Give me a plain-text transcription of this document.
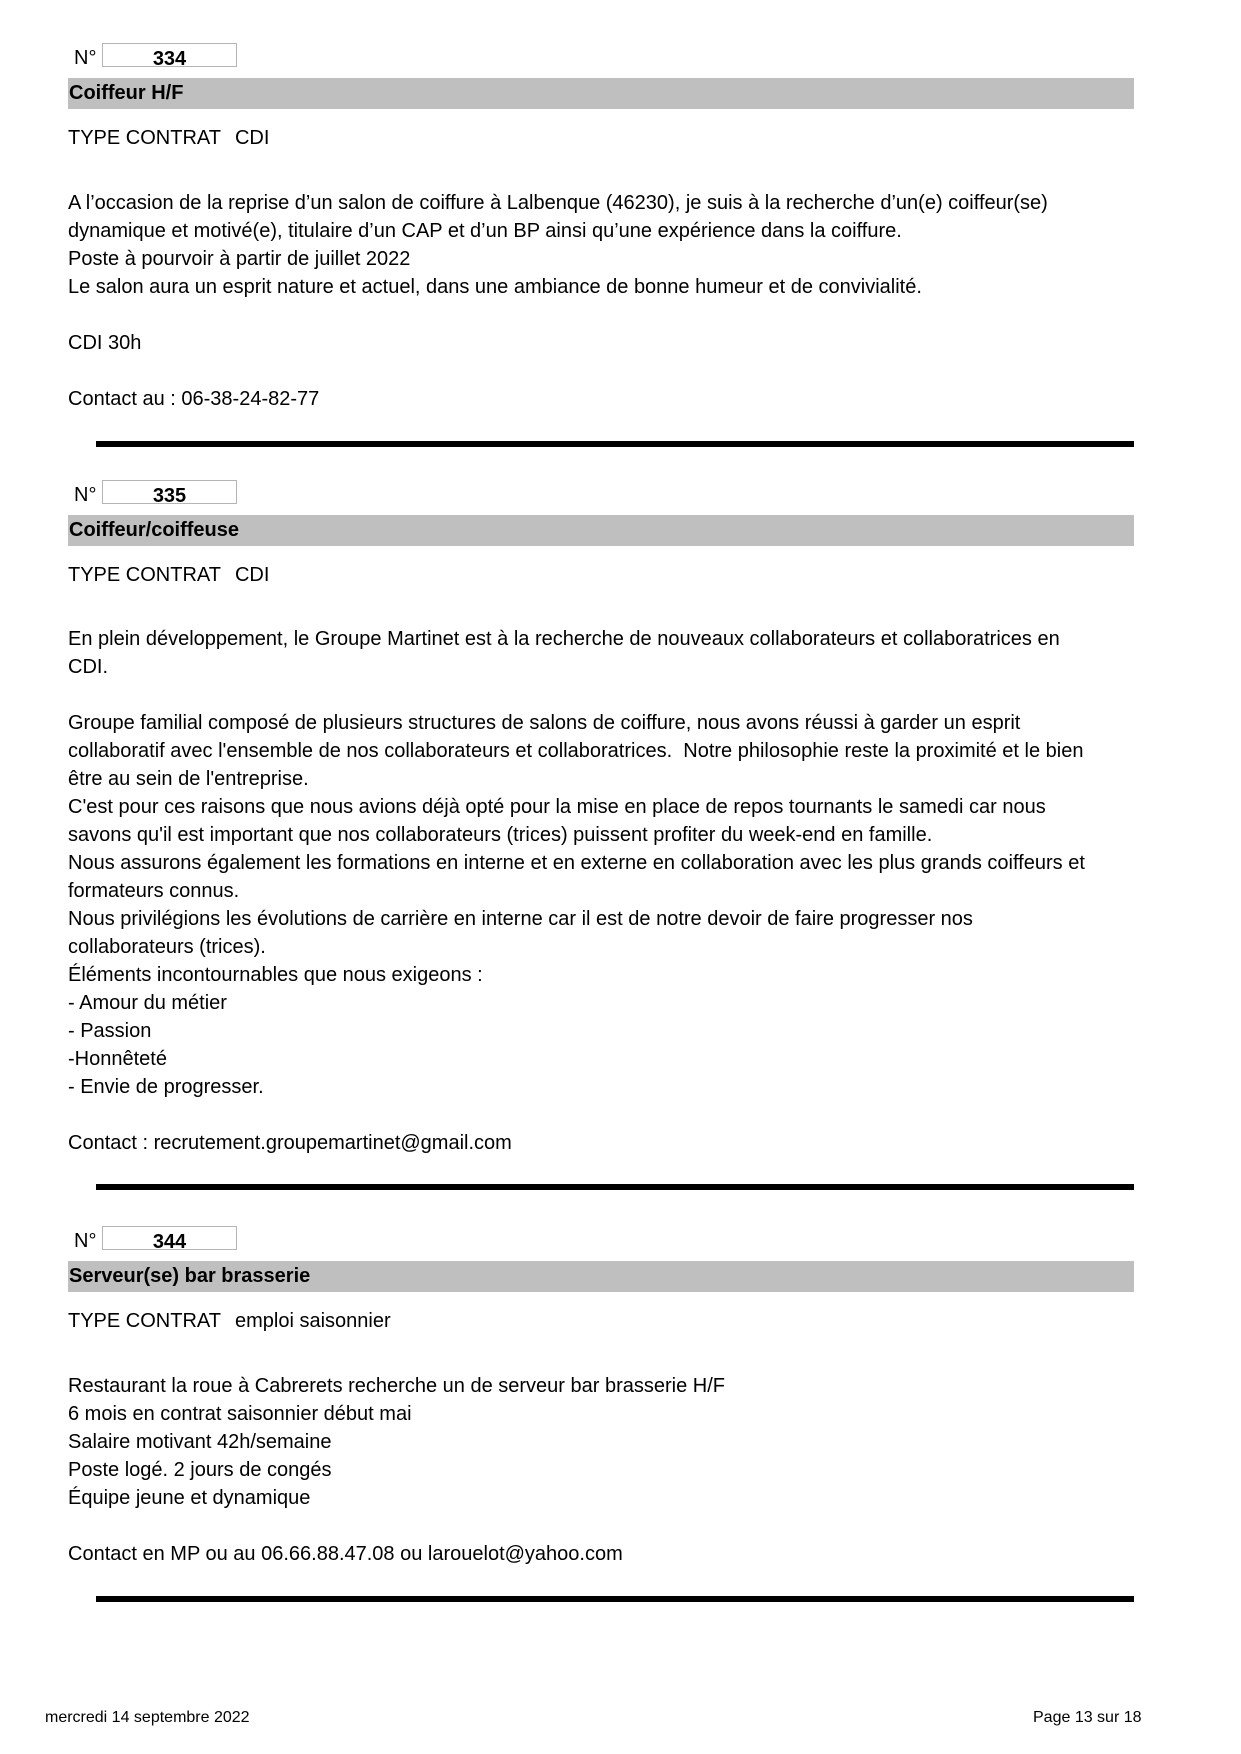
N°	334
Coiffeur H/F
TYPE CONTRAT CDI
A l’occasion de la reprise d’un salon de coiffure à Lalbenque (46230), je suis à la recherche d’un(e) coiffeur(se)
dynamique et motivé(e), titulaire d’un CAP et d’un BP ainsi qu’une expérience dans la coiffure.
Poste à pourvoir à partir de juillet 2022
Le salon aura un esprit nature et actuel, dans une ambiance de bonne humeur et de convivialité.
CDI 30h
Contact au : 06-38-24-82-77
N°	335
Coiffeur/coiffeuse
TYPE CONTRAT CDI
En plein développement, le Groupe Martinet est à la recherche de nouveaux collaborateurs et collaboratrices en
CDI.
Groupe familial composé de plusieurs structures de salons de coiffure, nous avons réussi à garder un esprit
collaboratif avec l'ensemble de nos collaborateurs et collaboratrices.  Notre philosophie reste la proximité et le bien
être au sein de l'entreprise.
C'est pour ces raisons que nous avions déjà opté pour la mise en place de repos tournants le samedi car nous
savons qu'il est important que nos collaborateurs (trices) puissent profiter du week-end en famille.
Nous assurons également les formations en interne et en externe en collaboration avec les plus grands coiffeurs et
formateurs connus.
Nous privilégions les évolutions de carrière en interne car il est de notre devoir de faire progresser nos
collaborateurs (trices).
Éléments incontournables que nous exigeons :
- Amour du métier
- Passion
-Honnêteté
- Envie de progresser.
Contact : recrutement.groupemartinet@gmail.com
N°	344
Serveur(se) bar brasserie
TYPE CONTRAT emploi saisonnier
Restaurant la roue à Cabrerets recherche un de serveur bar brasserie H/F
6 mois en contrat saisonnier début mai
Salaire motivant 42h/semaine
Poste logé. 2 jours de congés
Équipe jeune et dynamique
Contact en MP ou au 06.66.88.47.08 ou larouelot@yahoo.com
mercredi 14 septembre 2022	Page 13 sur 18
